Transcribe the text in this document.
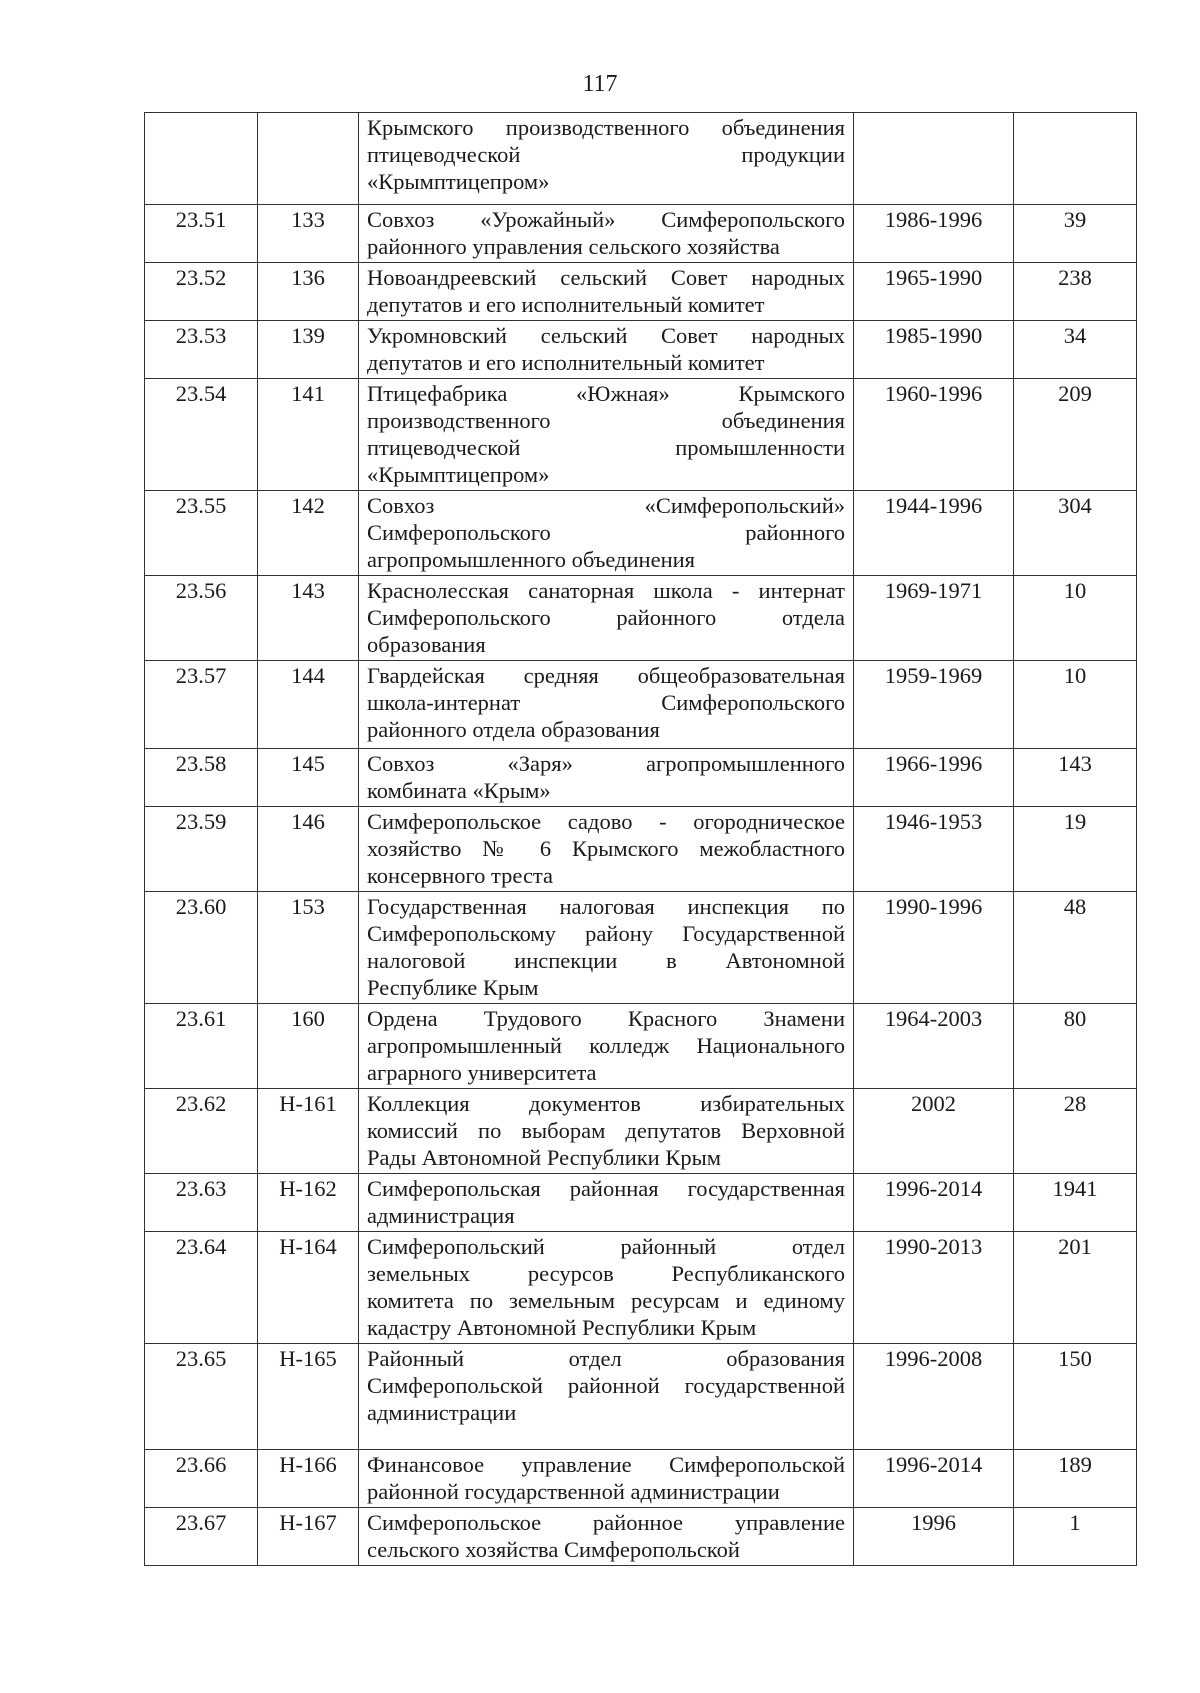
117

		Крымского производственного объединения
птицеводческой продукции
«Крымптицепром»		

23.51	133	Совхоз «Урожайный» Симферопольского
районного управления сельского хозяйства	1986-1996	39
23.52	136	Новоандреевский сельский Совет народных
депутатов и его исполнительный комитет	1965-1990	238
23.53	139	Укромновский сельский Совет народных
депутатов и его исполнительный комитет	1985-1990	34
23.54	141	Птицефабрика «Южная» Крымского
производственного объединения
птицеводческой промышленности
«Крымптицепром»	1960-1996	209
23.55	142	Совхоз «Симферопольский»
Симферопольского районного
агропромышленного объединения	1944-1996	304
23.56	143	Краснолесская санаторная школа - интернат
Симферопольского районного отдела
образования	1969-1971	10
23.57	144	Гвардейская средняя общеобразовательная
школа-интернат Симферопольского
районного отдела образования	1959-1969	10
23.58	145	Совхоз «Заря» агропромышленного
комбината «Крым»	1966-1996	143
23.59	146	Симферопольское садово - огородническое
хозяйство № 6 Крымского межобластного
консервного треста	1946-1953	19
23.60	153	Государственная налоговая инспекция по
Симферопольскому району Государственной
налоговой инспекции в Автономной
Республике Крым	1990-1996	48
23.61	160	Ордена Трудового Красного Знамени
агропромышленный колледж Национального
аграрного университета	1964-2003	80
23.62	Н-161	Коллекция документов избирательных
комиссий по выборам депутатов Верховной
Рады Автономной Республики Крым	2002	28
23.63	Н-162	Симферопольская районная государственная
администрация	1996-2014	1941
23.64	Н-164	Симферопольский районный отдел
земельных ресурсов Республиканского
комитета по земельным ресурсам и единому
кадастру Автономной Республики Крым	1990-2013	201
23.65	Н-165	Районный отдел образования
Симферопольской районной государственной
администрации	1996-2008	150
23.66	Н-166	Финансовое управление Симферопольской
районной государственной администрации	1996-2014	189
23.67	Н-167	Симферопольское районное управление
сельского хозяйства Симферопольской	1996	1
